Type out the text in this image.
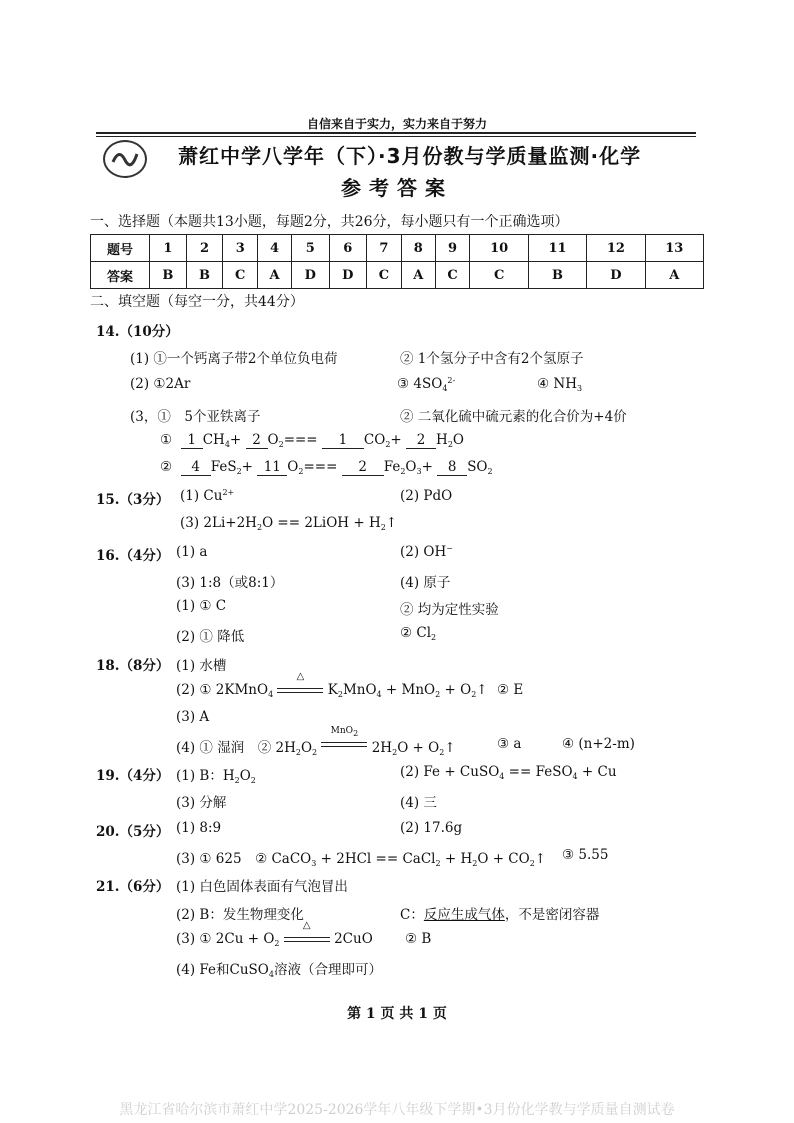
自信来自于实力，实力来自于努力
萧红中学八学年（下）·3月份教与学质量监测·化学
参考答案
一、选择题（本题共13小题，每题2分，共26分，每小题只有一个正确选项）
题号	1	2	3	4	5	6	7	8	9	10	11	12	13
答案	B	B	C	A	D	D	C	A	C	C	B	D	A
二、填空题（每空一分，共44分）
14.（10分）
(1) ①一个钙离子带2个单位负电荷	② 1个氢分子中含有2个氢原子
(2) ①2Ar	③ $4SO_4^{2-}$	④ $NH_3$
(3，①　5个亚铁离子	② 二氧化硫中硫元素的化合价为+4价
① 1 $CH_4+ 2$ $O_2=== 1$ $CO_2+ 2$ $H_2O$
② 4 FeS$_2$+ 11 $O_2=== 2$ $Fe_2O_3+ 8$ $SO_2$
15.（3分） (1) $Cu^{2+}$	(2) PdO
(3) $2Li+2H_2O$ == 2LiOH + $H_2↑$
16.（4分） (1) a	(2) OH−
(3) 1:8（或8:1）	(4) 原子
(1) ① C	② 均为定性实验
(2) ① 降低	② $Cl_2$
18.（8分） (1) 水槽
(2) ① 2KMnO$_4$
△
$K_2MnO_4 + MnO_2$ + $O_2↑$ ② E
(3) A
(4) ① 湿润　② $2H_2O_2$
MnO2
$2H_2O$ + $O_2↑$	③ a	④ (n+2-m)
19.（4分） (1) B：$H_2O_2$
(2) Fe + CuSO$_4$ == FeSO$_4$ + Cu
(3) 分解	(4) 三
20.（5分） (1) 8:9	(2) 17.6g
(3) ① 625　② CaCO$_3$ + 2HCl == CaCl$_2$ + $H_2O$ + $CO_2↑$ ③ 5.55
21.（6分） (1) 白色固体表面有气泡冒出
(2) B：发生物理变化	C：反应生成气体，不是密闭容器
(3) ① $2Cu + O_2$
△
2CuO ② B
(4) Fe和CuSO$_4$溶液（合理即可）
第 1 页 共 1 页
黑龙江省哈尔滨市萧红中学2025-2026学年八年级下学期•3月份化学教与学质量自测试卷
